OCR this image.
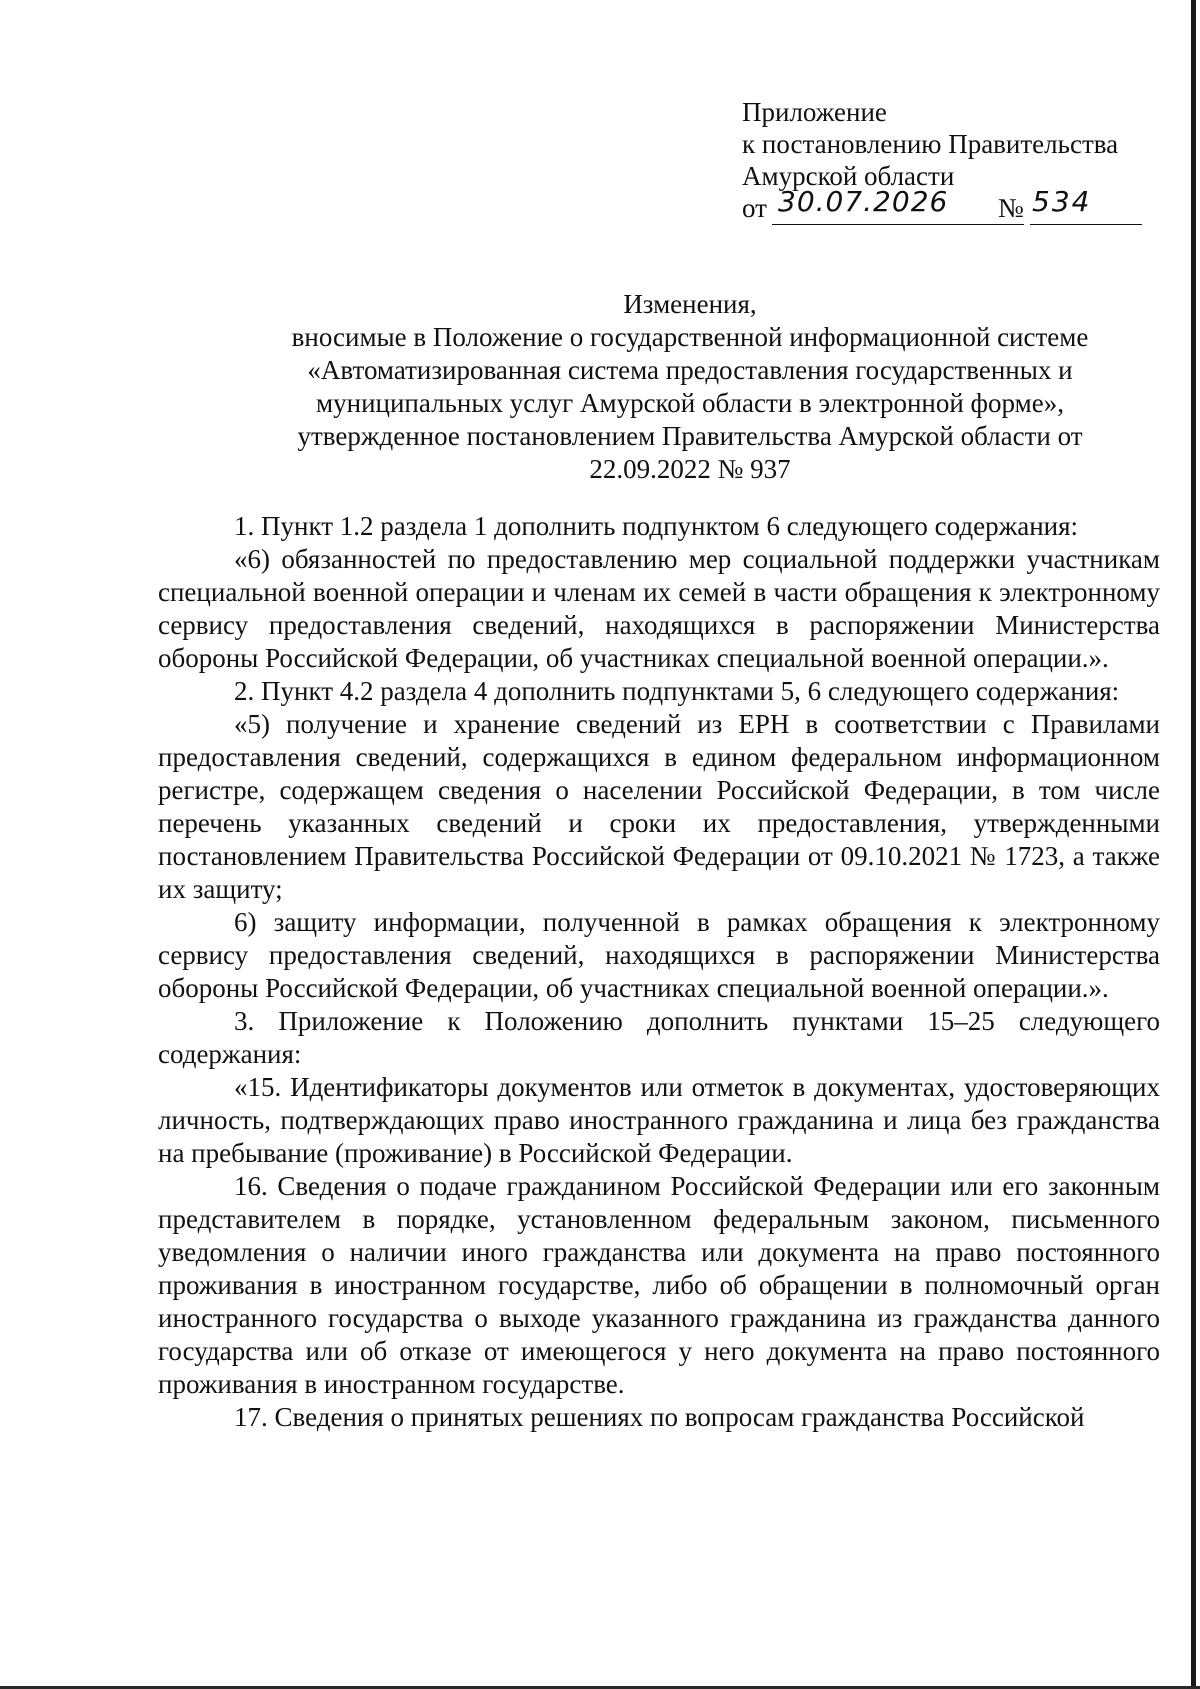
Приложение
к постановлению Правительства
Амурской области
от 30.07.2026 № 534
Изменения,
вносимые в Положение о государственной информационной системе
«Автоматизированная система предоставления государственных и
муниципальных услуг Амурской области в электронной форме»,
утвержденное постановлением Правительства Амурской области от
22.09.2022 № 937

1. Пункт 1.2 раздела 1 дополнить подпунктом 6 следующего содержания:

«6) обязанностей по предоставлению мер социальной поддержки участникам специальной военной операции и членам их семей в части обращения к электронному сервису предоставления сведений, находящихся в распоряжении Министерства обороны Российской Федерации, об участниках специальной военной операции.».

2. Пункт 4.2 раздела 4 дополнить подпунктами 5, 6 следующего содержания:

«5) получение и хранение сведений из ЕРН в соответствии с Правилами предоставления сведений, содержащихся в едином федеральном информационном регистре, содержащем сведения о населении Российской Федерации, в том числе перечень указанных сведений и сроки их предоставления, утвержденными постановлением Правительства Российской Федерации от 09.10.2021 № 1723, а также их защиту;

6) защиту информации, полученной в рамках обращения к электронному сервису предоставления сведений, находящихся в распоряжении Министерства обороны Российской Федерации, об участниках специальной военной операции.».

3. Приложение к Положению дополнить пунктами 15–25 следующего содержания:

«15. Идентификаторы документов или отметок в документах, удостоверяющих личность, подтверждающих право иностранного гражданина и лица без гражданства на пребывание (проживание) в Российской Федерации.

16. Сведения о подаче гражданином Российской Федерации или его законным представителем в порядке, установленном федеральным законом, письменного уведомления о наличии иного гражданства или документа на право постоянного проживания в иностранном государстве, либо об обращении в полномочный орган иностранного государства о выходе указанного гражданина из гражданства данного государства или об отказе от имеющегося у него документа на право постоянного проживания в иностранном государстве.

17. Сведения о принятых решениях по вопросам гражданства Российской
